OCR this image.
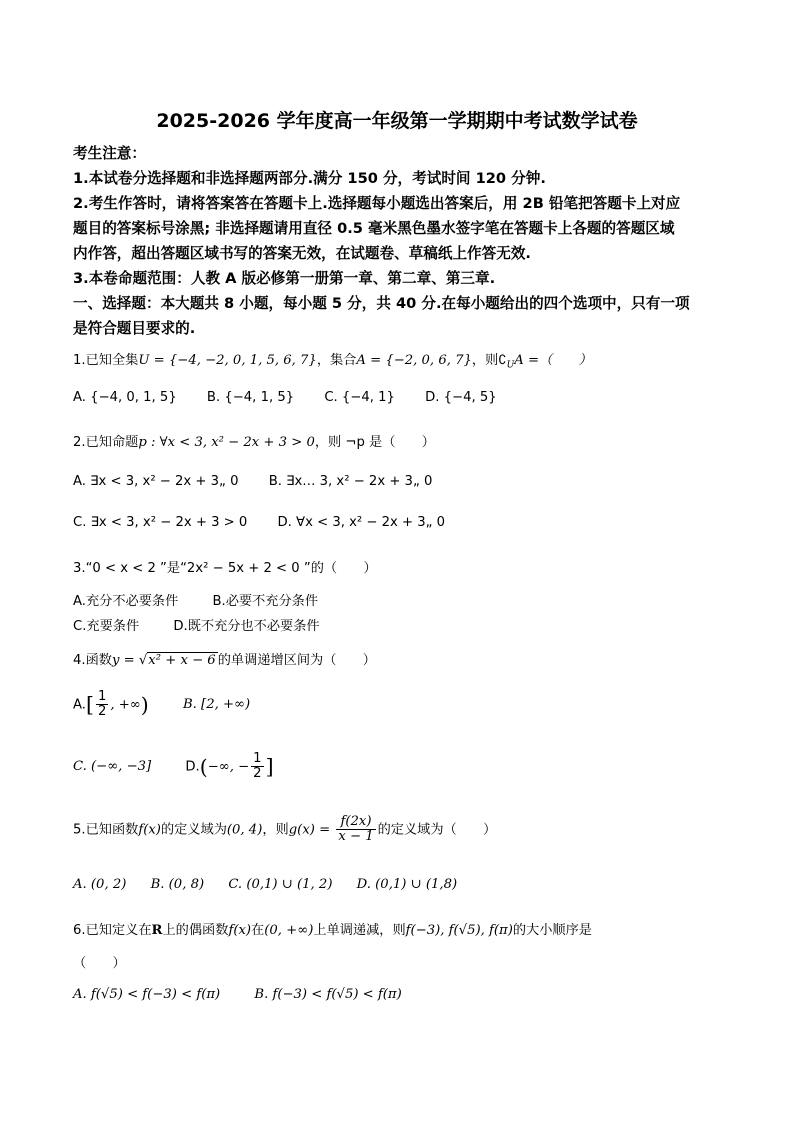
2025-2026 学年度高一年级第一学期期中考试数学试卷
考生注意：
1.本试卷分选择题和非选择题两部分.满分 150 分，考试时间 120 分钟.
2.考生作答时，请将答案答在答题卡上.选择题每小题选出答案后，用 2B 铅笔把答题卡上对应
题目的答案标号涂黑; 非选择题请用直径 0.5 毫米黑色墨水签字笔在答题卡上各题的答题区域
内作答，超出答题区域书写的答案无效，在试题卷、草稿纸上作答无效.
3.本卷命题范围：人教 A 版必修第一册第一章、第二章、第三章.
一、选择题：本大题共 8 小题，每小题 5 分，共 40 分.在每小题给出的四个选项中，只有一项
是符合题目要求的.
1.已知全集U = {−4, −2, 0, 1, 5, 6, 7}，集合A = {−2, 0, 6, 7}，则$∁_UA$ =（　　）
A. {−4, 0, 1, 5} B. {−4, 1, 5} C. {−4, 1} D. {−4, 5}
2.已知命题p : ∀x < 3, x² − 2x + 3 > 0，则 ¬p 是（　　）
A. ∃x < 3, x² − 2x + 3„ 0 B. ∃x… 3, x² − 2x + 3„ 0
C. ∃x < 3, x² − 2x + 3 > 0 D. ∀x < 3, x² − 2x + 3„ 0
3.“0 < x < 2 ”是“2x² − 5x + 2 < 0 ”的（　　）
A.充分不必要条件	B.必要不充分条件
C.充要条件	D.既不充分也不必要条件
4.函数y = √x² + x − 6 的单调递增区间为（　　）
$A.[ \frac{1}{2}$ , +∞)	B. [2, +∞)
C. (−∞, −3]	D.(−∞, − $\frac{1}{2}$ ]
5.已知函数f(x)的定义域为(0, 4)，则$g(x) = \frac{f(2x)}{x - 1}$ 的定义域为（　　）
A. (0, 2) B. (0, 8) C. (0,1) ∪ (1, 2) D. (0,1) ∪ (1,8)
6.已知定义在R上的偶函数f(x)在(0, +∞)上单调递减，则f(−3), f(√5), f(π)的大小顺序是
（　　）
A. f(√5) < f(−3) < f(π)	B. f(−3) < f(√5) < f(π)
